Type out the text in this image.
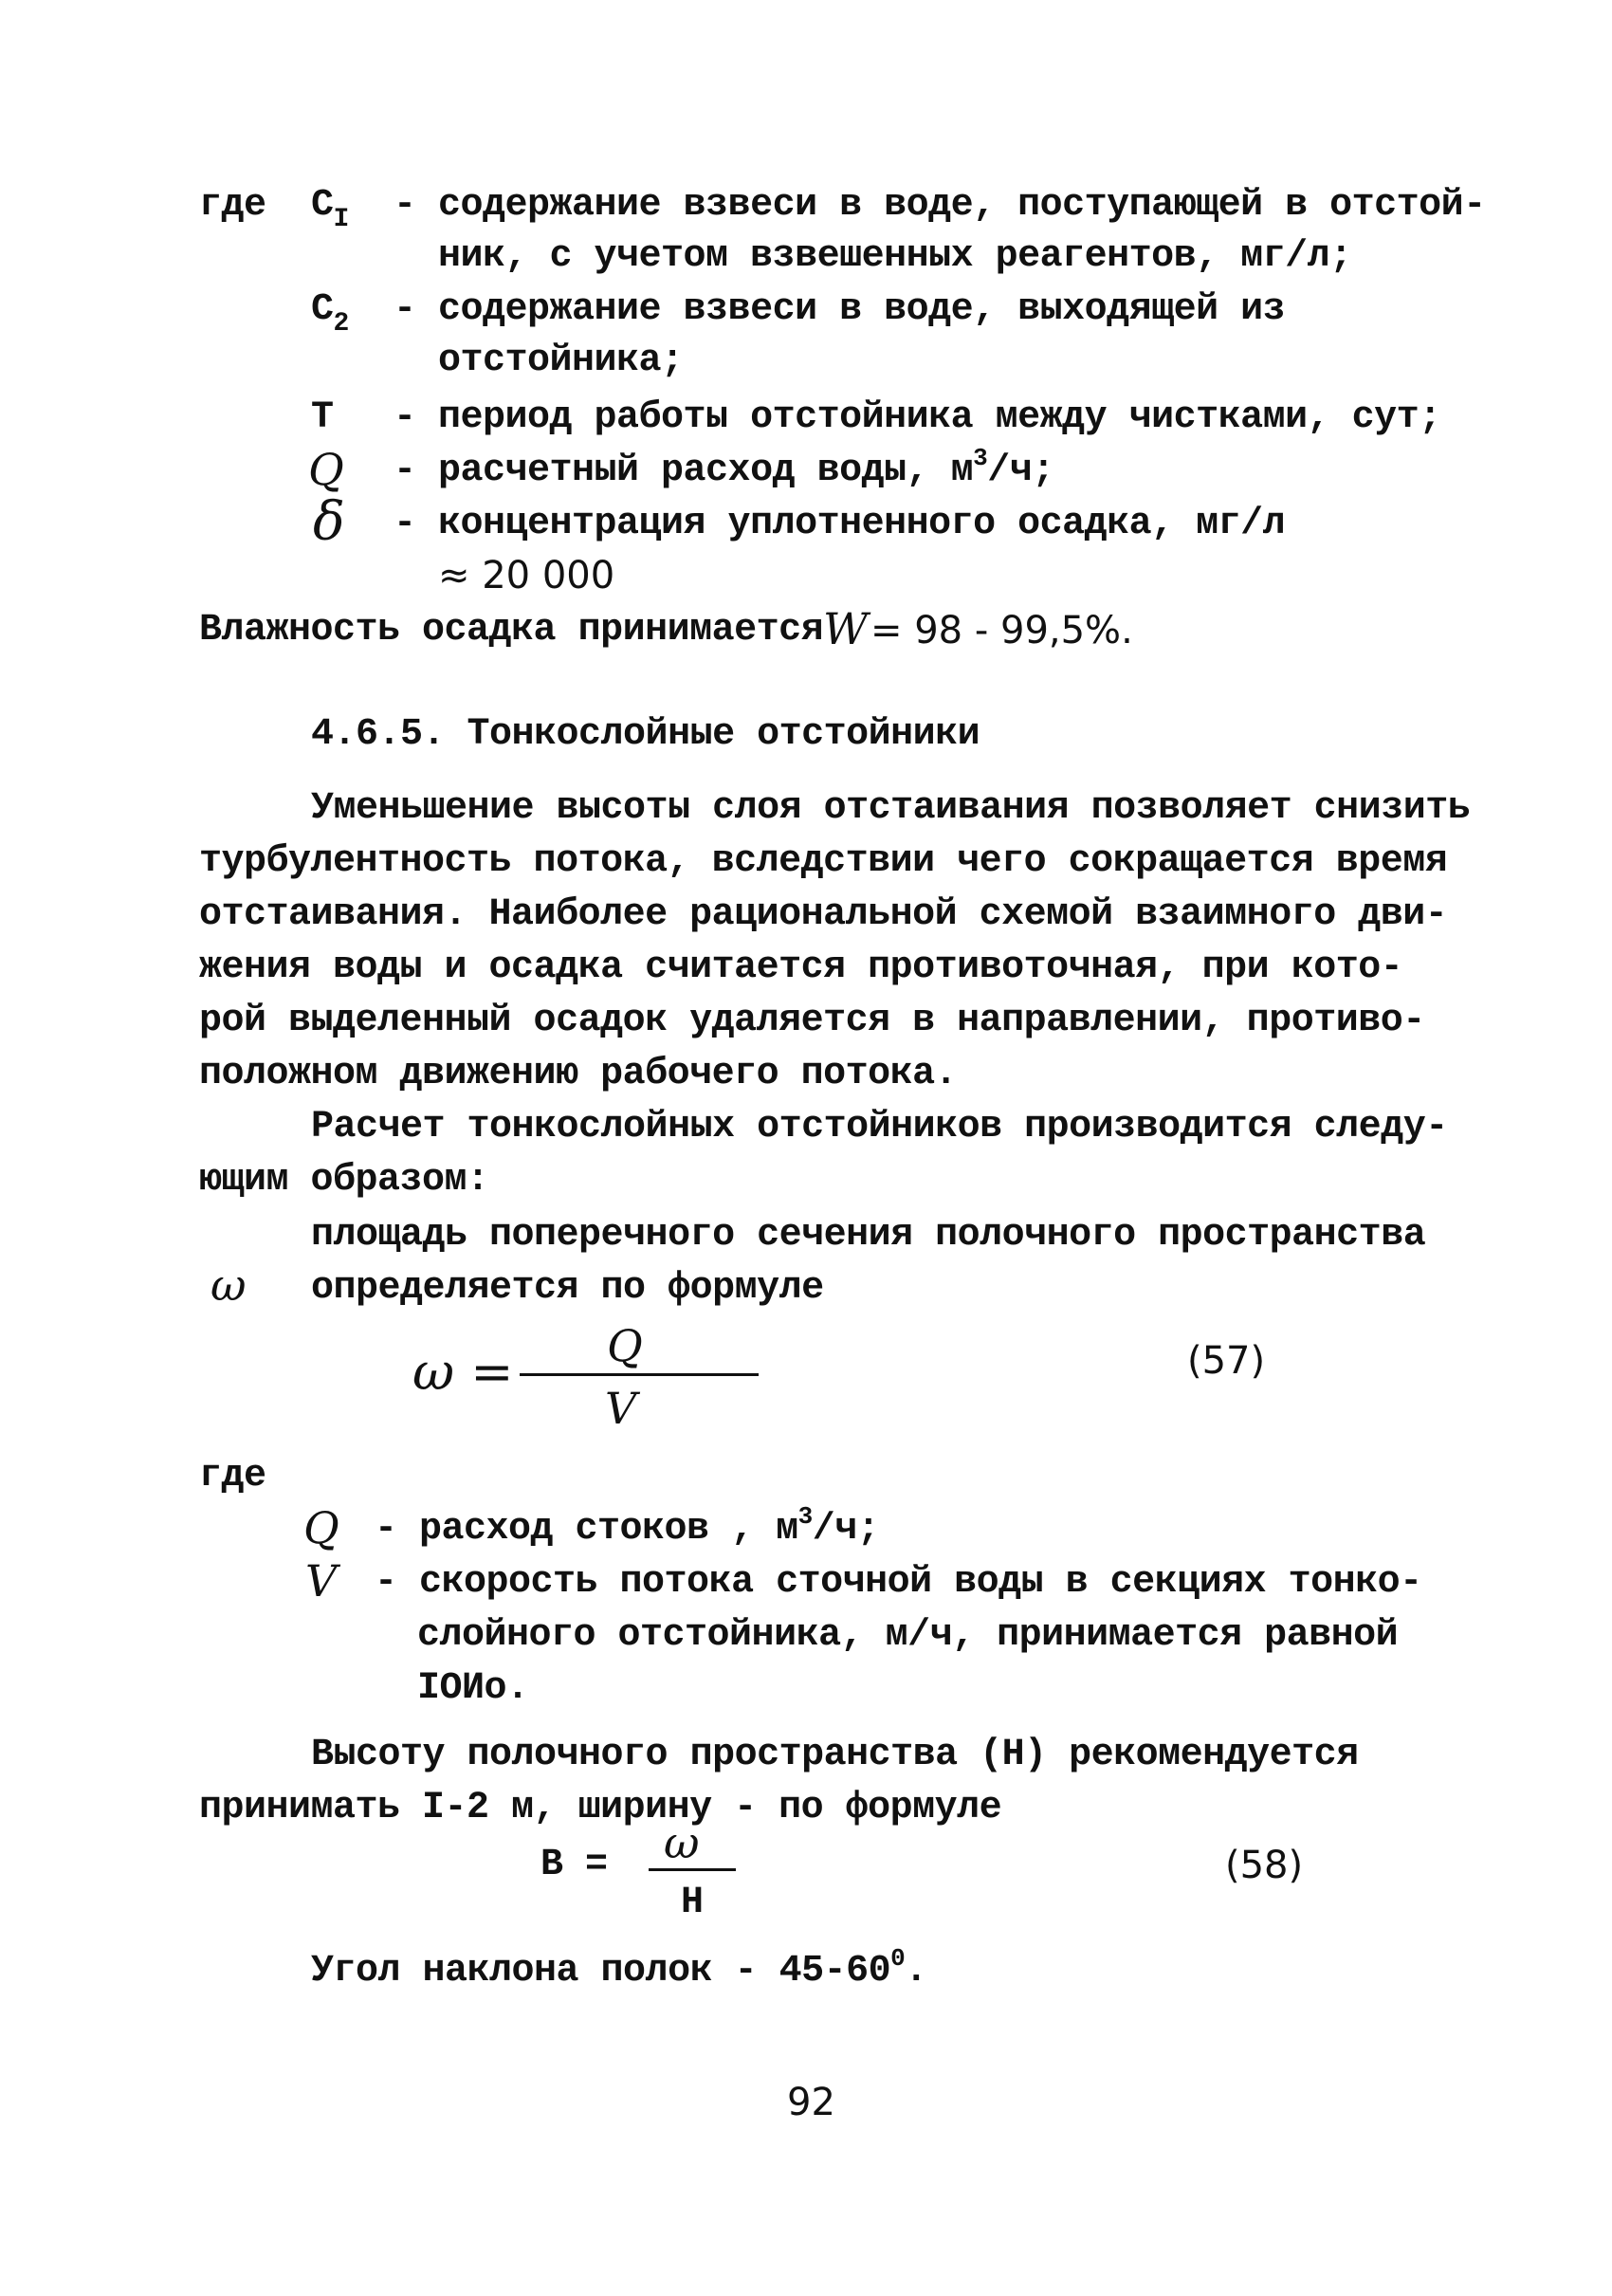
где $C_I$ - содержание взвеси в воде, поступающей в отстой-
ник, с учетом взвешенных реагентов, мг/л;
$C_2$ - содержание взвеси в воде, выходящей из
отстойника;
T - период работы отстойника между чистками, сут;
Q - расчетный расход воды, $м^3/ч$;
δ - концентрация уплотненного осадка, мг/л
≈ 20 000
Влажность осадка принимается W = 98 - 99,5%.
4.6.5. Тонкослойные отстойники
Уменьшение высоты слоя отстаивания позволяет снизить
турбулентность потока, вследствии чего сокращается время
отстаивания. Наиболее рациональной схемой взаимного дви-
жения воды и осадка считается противоточная, при кото-
рой выделенный осадок удаляется в направлении, противо-
положном движению рабочего потока.
Расчет тонкослойных отстойников производится следу-
ющим образом:
площадь поперечного сечения полочного пространства
ω определяется по формуле
ω = Q
V
(57)
где
Q - расход стоков , $м^3/ч$;
V - скорость потока сточной воды в секциях тонко-
слойного отстойника, м/ч, принимается равной
IOИо.
Высоту полочного пространства (H) рекомендуется
принимать I-2 м, ширину - по формуле
B = ω
H
(58)
Угол наклона полок - $45-60^0$.
92
